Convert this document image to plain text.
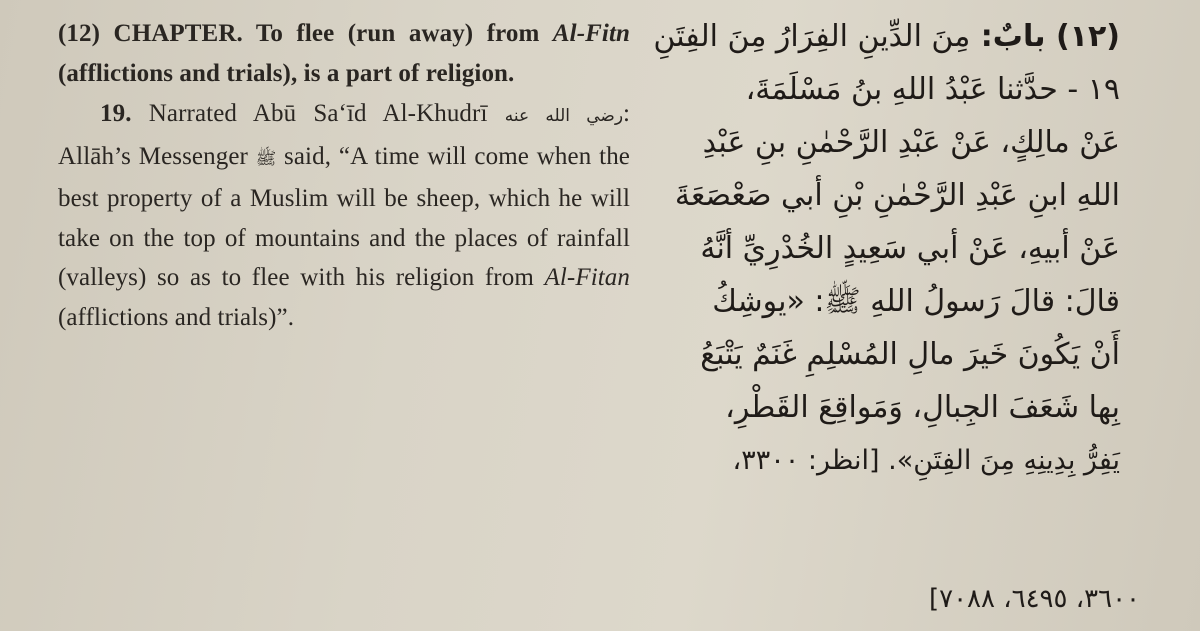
(12) CHAPTER. To flee (run away) from Al-Fitn (afflictions and trials), is a part of religion.
19. Narrated Abū Sa‘īd Al-Khudrī رضي الله عنه: Allāh’s Messenger ﷺ said, “A time will come when the best property of a Muslim will be sheep, which he will take on the top of mountains and the places of rainfall (valleys) so as to flee with his religion from Al-Fitan (afflictions and trials)”.
(١٢) بابٌ: مِنَ الدِّينِ الفِرَارُ مِنَ الفِتَنِ
١٩ - حدَّثنا عَبْدُ اللهِ بنُ مَسْلَمَةَ،
عَنْ مالِكٍ، عَنْ عَبْدِ الرَّحْمٰنِ بنِ عَبْدِ
اللهِ ابنِ عَبْدِ الرَّحْمٰنِ بْنِ أبي صَعْصَعَةَ
عَنْ أبيهِ، عَنْ أبي سَعِيدٍ الخُدْرِيِّ أنَّهُ
قالَ: قالَ رَسولُ اللهِ ﷺ: «يوشِكُ
أَنْ يَكُونَ خَيرَ مالِ المُسْلِمِ غَنَمٌ يَتْبَعُ
بِها شَعَفَ الجِبالِ، وَمَواقِعَ القَطْرِ،
يَفِرُّ بِدِينِهِ مِنَ الفِتَنِ». [انظر: ٣٣٠٠،
٣٦٠٠، ٦٤٩٥، ٧٠٨٨]
